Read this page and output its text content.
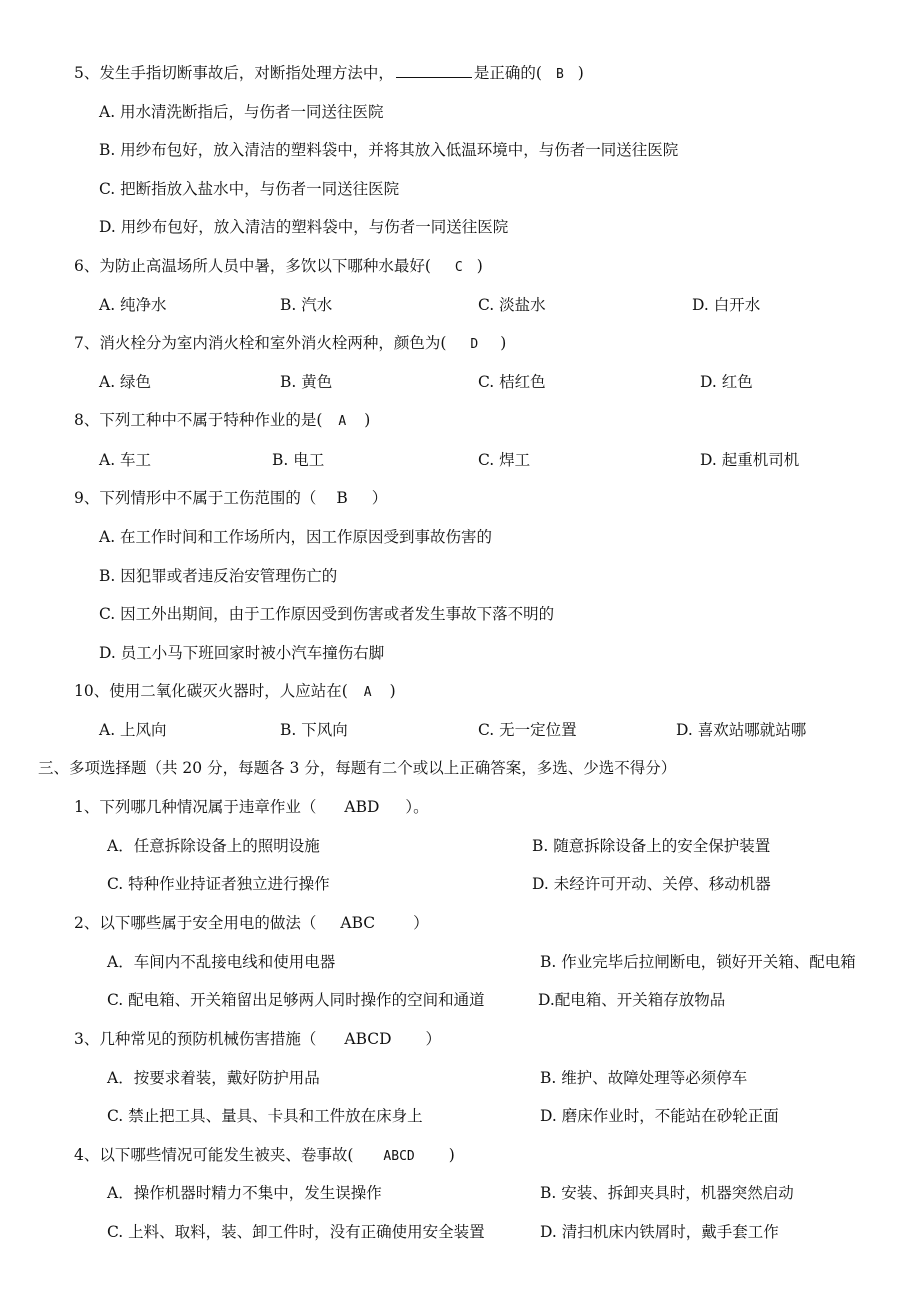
5、发生手指切断事故后，对断指处理方法中，	是正确的( B )
A. 用水清洗断指后，与伤者一同送往医院
B. 用纱布包好，放入清洁的塑料袋中，并将其放入低温环境中，与伤者一同送往医院
C. 把断指放入盐水中，与伤者一同送往医院
D. 用纱布包好，放入清洁的塑料袋中，与伤者一同送往医院
6、为防止高温场所人员中暑，多饮以下哪种水最好( C )
A. 纯净水	B. 汽水	C. 淡盐水	D. 白开水
7、消火栓分为室内消火栓和室外消火栓两种，颜色为( D )
A. 绿色	B. 黄色	C. 桔红色	D. 红色
8、下列工种中不属于特种作业的是( A )
A. 车工	B. 电工	C. 焊工	D. 起重机司机
9、下列情形中不属于工伤范围的（ B ）
A. 在工作时间和工作场所内，因工作原因受到事故伤害的
B. 因犯罪或者违反治安管理伤亡的
C. 因工外出期间，由于工作原因受到伤害或者发生事故下落不明的
D. 员工小马下班回家时被小汽车撞伤右脚
10、使用二氧化碳灭火器时，人应站在( A )
A. 上风向	B. 下风向	C. 无一定位置	D. 喜欢站哪就站哪
三、多项选择题（共 20 分，每题各 3 分，每题有二个或以上正确答案，多选、少选不得分）
1、下列哪几种情况属于违章作业（ ABD ）。
A．任意拆除设备上的照明设施	B. 随意拆除设备上的安全保护装置
C. 特种作业持证者独立进行操作	D. 未经许可开动、关停、移动机器
2、以下哪些属于安全用电的做法（ ABC ）
A．车间内不乱接电线和使用电器	B. 作业完毕后拉闸断电，锁好开关箱、配电箱
C. 配电箱、开关箱留出足够两人同时操作的空间和通道	D.配电箱、开关箱存放物品
3、几种常见的预防机械伤害措施（ ABCD ）
A．按要求着装，戴好防护用品	B. 维护、故障处理等必须停车
C. 禁止把工具、量具、卡具和工件放在床身上	D. 磨床作业时，不能站在砂轮正面
4、以下哪些情况可能发生被夹、卷事故( ABCD )
A．操作机器时精力不集中，发生误操作	B. 安装、拆卸夹具时，机器突然启动
C. 上料、取料，装、卸工件时，没有正确使用安全装置	D. 清扫机床内铁屑时，戴手套工作
